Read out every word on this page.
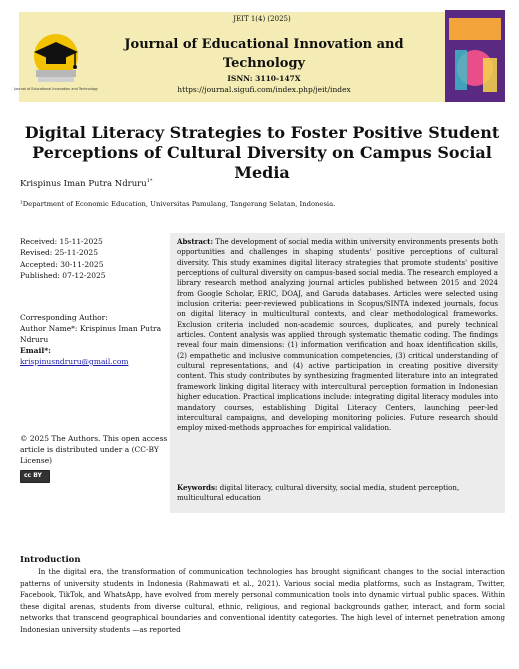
Journal of Educational Innovation and Technology
JEIT 1(4) (2025)
Journal of Educational Innovation and Technology
ISNN: 3110-147X
https://journal.sigufi.com/index.php/jeit/index
Digital Literacy Strategies to Foster Positive Student Perceptions of Cultural Diversity on Campus Social Media
Krispinus Iman Putra Ndruru$^{1*}$
¹Department of Economic Education, Universitas Pamulang, Tangerang Selatan, Indonesia.
Received: 15-11-2025
Revised: 25-11-2025
Accepted: 30-11-2025
Published: 07-12-2025
Corresponding Author:
Author Name*: Krispinus Iman Putra Ndruru
Email*:
krispinusndruru@gmail.com
© 2025 The Authors. This open access article is distributed under a (CC-BY License)
cc BY
Abstract: The development of social media within university environments presents both opportunities and challenges in shaping students' positive perceptions of cultural diversity. This study examines digital literacy strategies that promote students' positive perceptions of cultural diversity on campus-based social media. The research employed a library research method analyzing journal articles published between 2015 and 2024 from Google Scholar, ERIC, DOAJ, and Garuda databases. Articles were selected using inclusion criteria: peer-reviewed publications in Scopus/SINTA indexed journals, focus on digital literacy in multicultural contexts, and clear methodological frameworks. Exclusion criteria included non-academic sources, duplicates, and purely technical articles. Content analysis was applied through systematic thematic coding. The findings reveal four main dimensions: (1) information verification and hoax identification skills, (2) empathetic and inclusive communication competencies, (3) critical understanding of cultural representations, and (4) active participation in creating positive diversity content. This study contributes by synthesizing fragmented literature into an integrated framework linking digital literacy with intercultural perception formation in Indonesian higher education. Practical implications include: integrating digital literacy modules into mandatory courses, establishing Digital Literacy Centers, launching peer-led intercultural campaigns, and developing monitoring policies. Future research should employ mixed-methods approaches for empirical validation.
Keywords: digital literacy, cultural diversity, social media, student perception, multicultural education
Introduction
In the digital era, the transformation of communication technologies has brought significant changes to the social interaction patterns of university students in Indonesia (Rahmawati et al., 2021). Various social media platforms, such as Instagram, Twitter, Facebook, TikTok, and WhatsApp, have evolved from merely personal communication tools into dynamic virtual public spaces. Within these digital arenas, students from diverse cultural, ethnic, religious, and regional backgrounds gather, interact, and form social networks that transcend geographical boundaries and conventional identity categories. The high level of internet penetration among Indonesian university students —as reported
